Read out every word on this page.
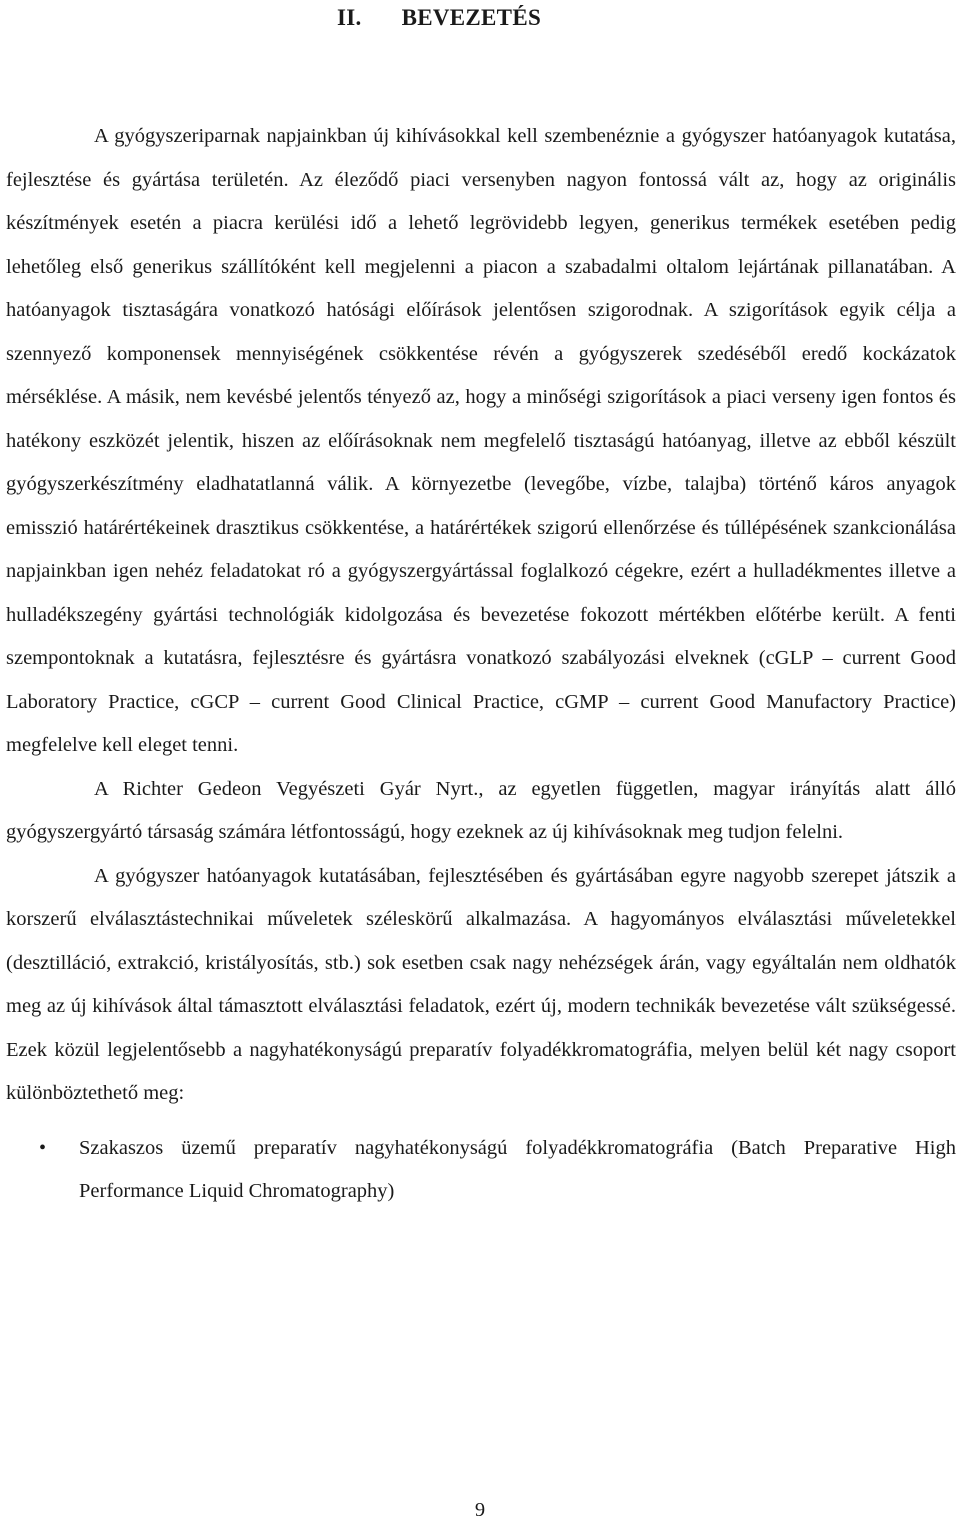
II. BEVEZETÉS

A gyógyszeriparnak napjainkban új kihívásokkal kell szembenéznie a gyógyszer hatóanyagok kutatása, fejlesztése és gyártása területén. Az éleződő piaci versenyben nagyon fontossá vált az, hogy az originális készítmények esetén a piacra kerülési idő a lehető legrövidebb legyen, generikus termékek esetében pedig lehetőleg első generikus szállítóként kell megjelenni a piacon a szabadalmi oltalom lejártának pillanatában. A hatóanyagok tisztaságára vonatkozó hatósági előírások jelentősen szigorodnak. A szigorítások egyik célja a szennyező komponensek mennyiségének csökkentése révén a gyógyszerek szedéséből eredő kockázatok mérséklése. A másik, nem kevésbé jelentős tényező az, hogy a minőségi szigorítások a piaci verseny igen fontos és hatékony eszközét jelentik, hiszen az előírásoknak nem megfelelő tisztaságú hatóanyag, illetve az ebből készült gyógyszerkészítmény eladhatatlanná válik. A környezetbe (levegőbe, vízbe, talajba) történő káros anyagok emisszió határértékeinek drasztikus csökkentése, a határértékek szigorú ellenőrzése és túllépésének szankcionálása napjainkban igen nehéz feladatokat ró a gyógyszergyártással foglalkozó cégekre, ezért a hulladékmentes illetve a hulladékszegény gyártási technológiák kidolgozása és bevezetése fokozott mértékben előtérbe került. A fenti szempontoknak a kutatásra, fejlesztésre és gyártásra vonatkozó szabályozási elveknek (cGLP – current Good Laboratory Practice, cGCP – current Good Clinical Practice, cGMP – current Good Manufactory Practice) megfelelve kell eleget tenni.

A Richter Gedeon Vegyészeti Gyár Nyrt., az egyetlen független, magyar irányítás alatt álló gyógyszergyártó társaság számára létfontosságú, hogy ezeknek az új kihívásoknak meg tudjon felelni.

A gyógyszer hatóanyagok kutatásában, fejlesztésében és gyártásában egyre nagyobb szerepet játszik a korszerű elválasztástechnikai műveletek széleskörű alkalmazása. A hagyományos elválasztási műveletekkel (desztilláció, extrakció, kristályosítás, stb.) sok esetben csak nagy nehézségek árán, vagy egyáltalán nem oldhatók meg az új kihívások által támasztott elválasztási feladatok, ezért új, modern technikák bevezetése vált szükségessé. Ezek közül legjelentősebb a nagyhatékonyságú preparatív folyadékkromatográfia, melyen belül két nagy csoport különböztethető meg:

• Szakaszos üzemű preparatív nagyhatékonyságú folyadékkromatográfia (Batch Preparative High Performance Liquid Chromatography)
9
